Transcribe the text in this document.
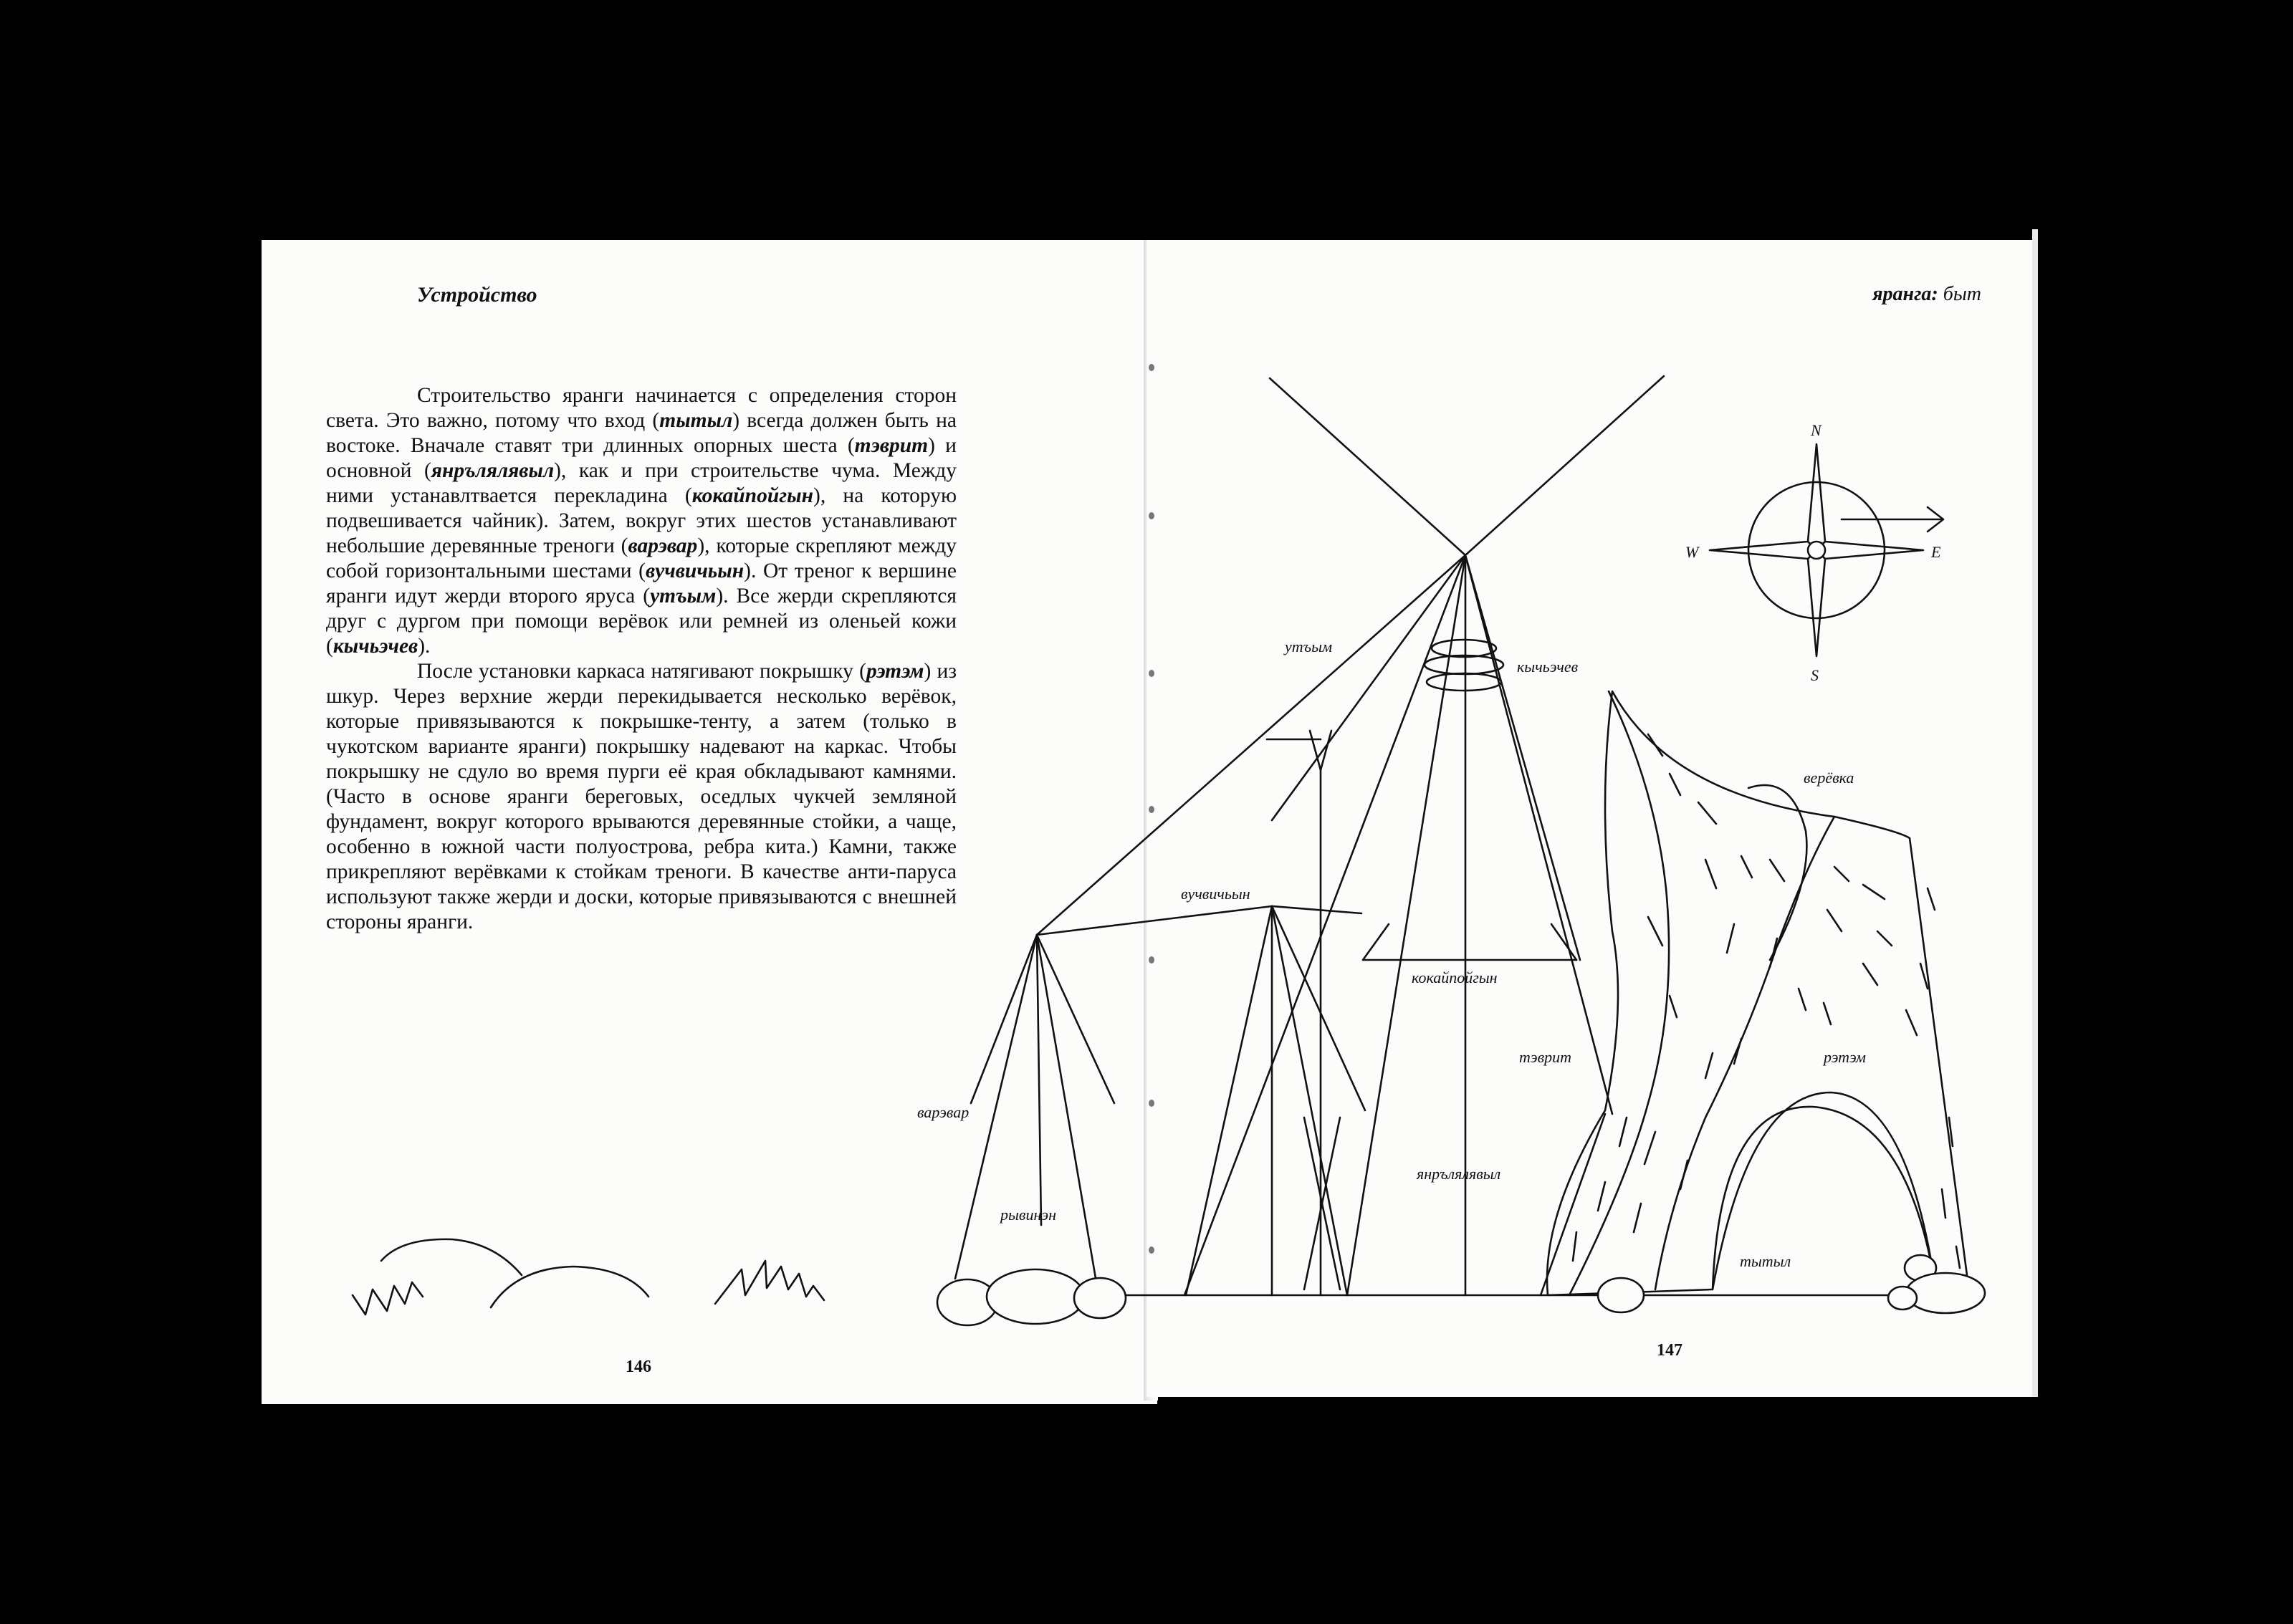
Устройство

Строительство яранги начинается с определения сторон света. Это важно, потому что вход (тытыл) всегда должен быть на востоке. Вначале ставят три длинных опорных шеста (тэврит) и основной (янрълялявыл), как и при строительстве чума. Между ними устанавлтвается перекладина (кокайпойгын), на которую подвешивается чайник). Затем, вокруг этих шестов устанавливают небольшие деревянные треноги (варэвар), которые скрепляют между собой горизонтальными шестами (вучвичьын). От треног к вершине яранги идут жерди второго яруса (утъым). Все жерди скрепляются друг с дургом при помощи верёвок или ремней из оленьей кожи (кычьэчев).

После установки каркаса натягивают покрышку (рэтэм) из шкур. Через верхние жерди перекидывается несколько верёвок, которые привязываются к покрышке-тенту, а затем (только в чукотском варианте яранги) покрышку надевают на каркас. Чтобы покрышку не сдуло во время пурги её края обкладывают камнями. (Часто в основе яранги береговых, оседлых чукчей земляной фундамент, вокруг которого врываются деревянные стойки, а чаще, особенно в южной части полуострова, ребра кита.) Камни, также прикрепляют верёвками к стойкам треноги. В качестве анти-паруса используют также жерди и доски, которые привязываются с внешней стороны яранги.

146
яранга: быт
147
N
S
W	E
утъым
кычьэчев
верёвка
вучвичьын
кокайпойгын
тэврит	рэтэм
варэвар
янрълялявыл
рывинэн
тытыл
